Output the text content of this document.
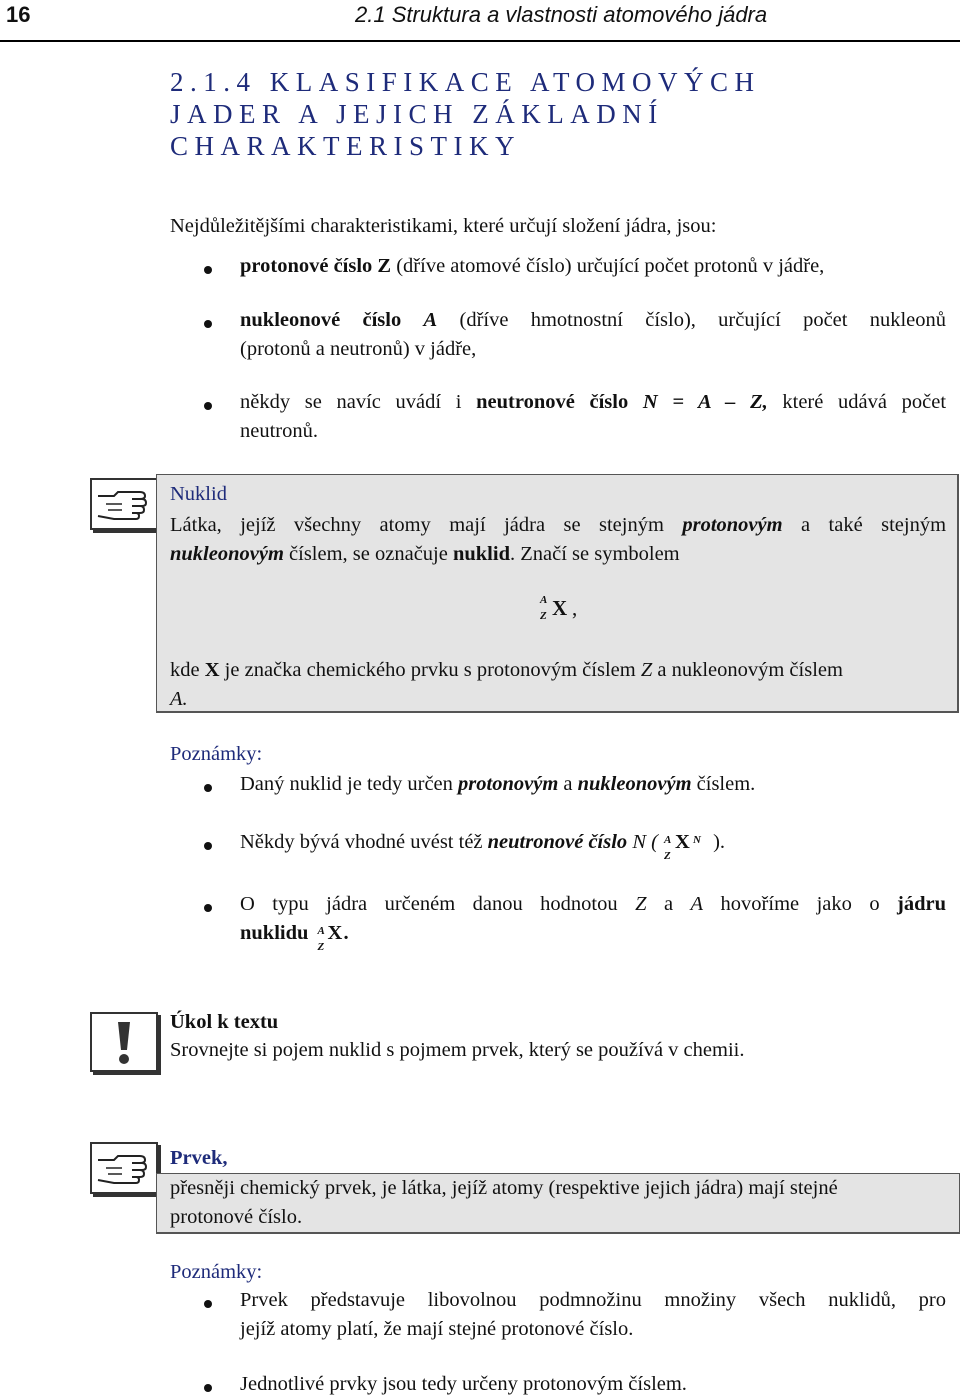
16	2.1 Struktura a vlastnosti atomového jádra
2.1.4 KLASIFIKACE ATOMOVÝCH
JADER A JEJICH ZÁKLADNÍ
CHARAKTERISTIKY
Nejdůležitějšími charakteristikami, které určují složení jádra, jsou:
protonové číslo Z (dříve atomové číslo) určující počet protonů v jádře,
nukleonové číslo A (dříve hmotnostní číslo), určující počet nukleonů
(protonů a neutronů) v jádře,
někdy se navíc uvádí i neutronové číslo N = A – Z, které udává počet
neutronů.
Nuklid
Látka, jejíž všechny atomy mají jádra se stejným protonovým a také stejným
nukleonovým číslem, se označuje nuklid. Značí se symbolem
A
Z X ,
kde X je značka chemického prvku s protonovým číslem Z a nukleonovým číslem
A.
Poznámky:
Daný nuklid je tedy určen protonovým a nukleonovým číslem.
Někdy bývá vhodné uvést též neutronové číslo N ( A
Z
X N ).
O typu jádra určeném danou hodnotou Z a A hovoříme jako o jádru
nuklidu A
Z
X .
Úkol k textu
Srovnejte si pojem nuklid s pojmem prvek, který se používá v chemii.
Prvek,
přesněji chemický prvek, je látka, jejíž atomy (respektive jejich jádra) mají stejné
protonové číslo.
Poznámky:
Prvek představuje libovolnou podmnožinu množiny všech nuklidů, pro
jejíž atomy platí, že mají stejné protonové číslo.
Jednotlivé prvky jsou tedy určeny protonovým číslem.
